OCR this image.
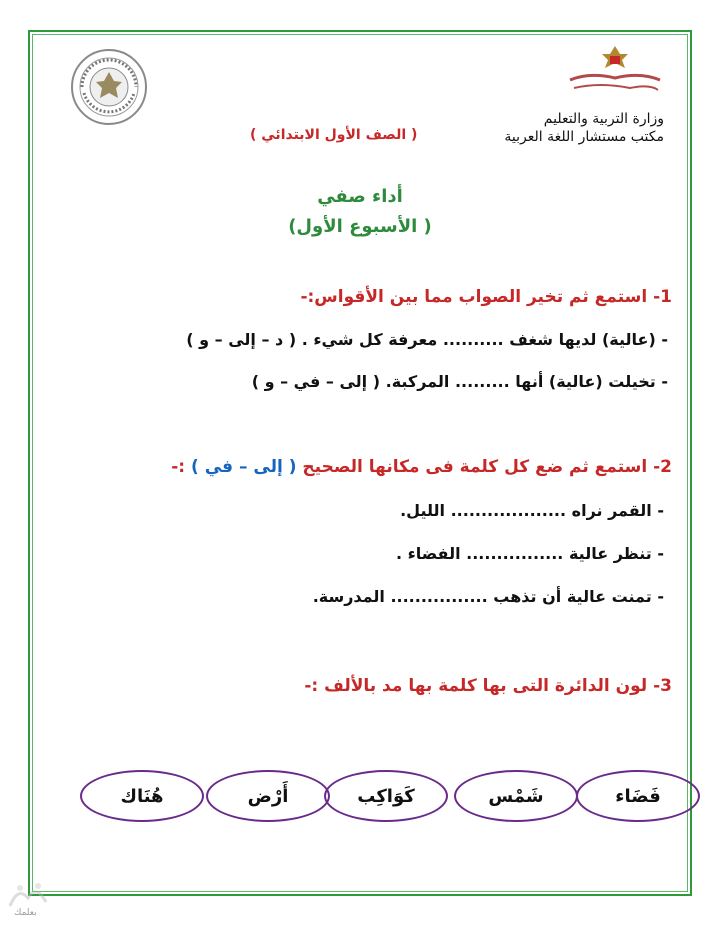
وزارة التربية والتعليم
مكتب مستشار اللغة العربية
( الصف الأول الابتدائي )
أداء صفي
( الأسبوع الأول)
1- استمع ثم تخير الصواب مما بين الأقواس:-
- (عالية) لديها شغف .......... معرفة كل شيء . ( د – إلى – و )
- تخيلت (عالية) أنها ......... المركبة. ( إلى – في – و )
2- استمع ثم ضع كل كلمة فى مكانها الصحيح ( إلى – في ) :-
- القمر نراه ................... الليل.
- تنظر عالية ................ الفضاء .
- تمنت عالية أن تذهب ................ المدرسة.
3- لون الدائرة التى بها كلمة بها مد بالألف :-
فَضَاء
شَمْس
كَوَاكِب
أَرْض
هُنَاك
بعلمك
